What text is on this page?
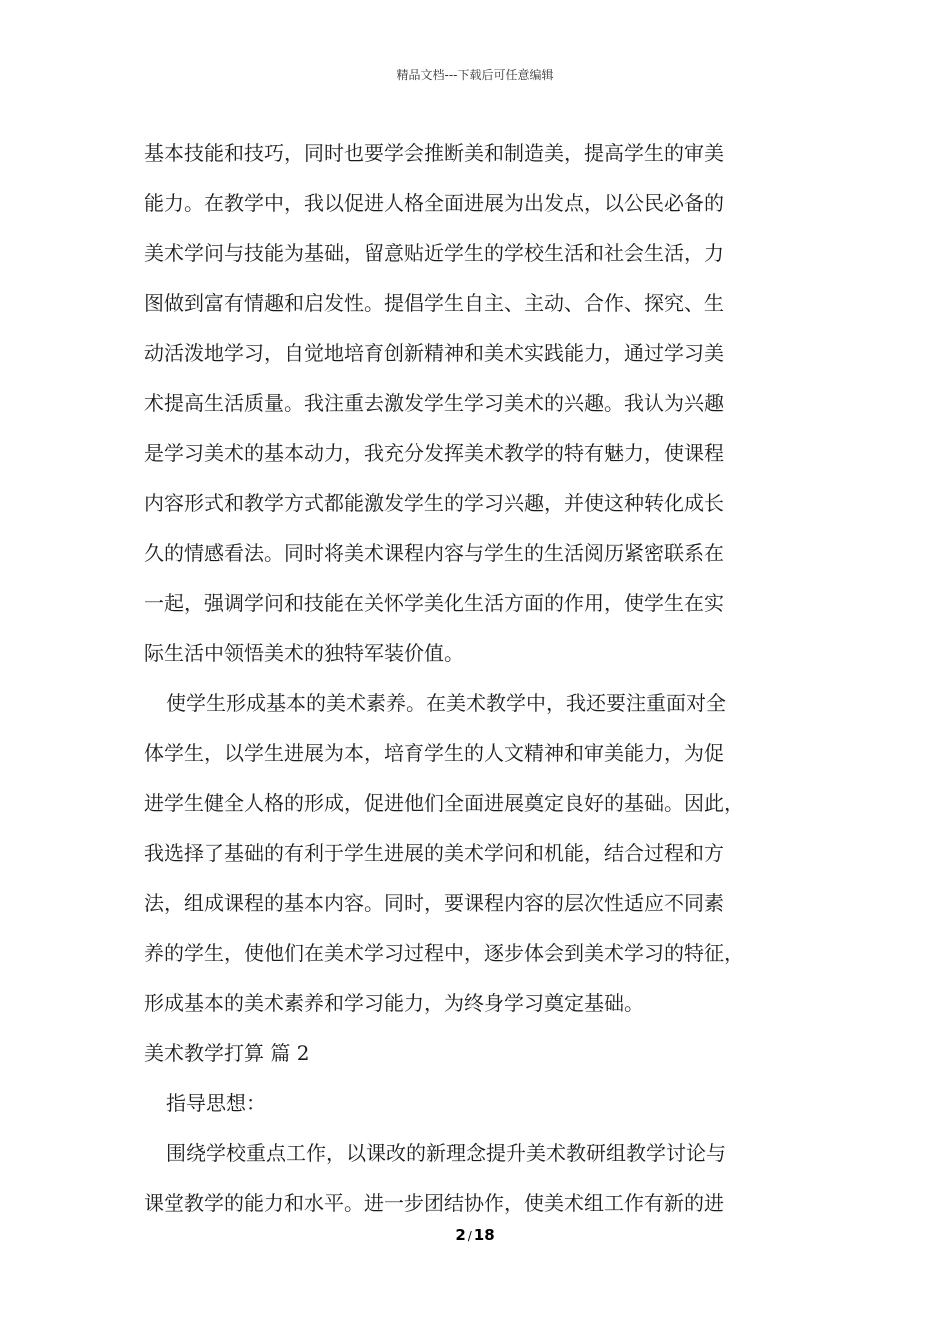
精品文档---下载后可任意编辑
基本技能和技巧，同时也要学会推断美和制造美，提高学生的审美
能力。在教学中，我以促进人格全面进展为出发点，以公民必备的
美术学问与技能为基础，留意贴近学生的学校生活和社会生活，力
图做到富有情趣和启发性。提倡学生自主、主动、合作、探究、生
动活泼地学习，自觉地培育创新精神和美术实践能力，通过学习美
术提高生活质量。我注重去激发学生学习美术的兴趣。我认为兴趣
是学习美术的基本动力，我充分发挥美术教学的特有魅力，使课程
内容形式和教学方式都能激发学生的学习兴趣，并使这种转化成长
久的情感看法。同时将美术课程内容与学生的生活阅历紧密联系在
一起，强调学问和技能在关怀学美化生活方面的作用，使学生在实
际生活中领悟美术的独特军装价值。
使学生形成基本的美术素养。在美术教学中，我还要注重面对全
体学生，以学生进展为本，培育学生的人文精神和审美能力，为促
进学生健全人格的形成，促进他们全面进展奠定良好的基础。因此，
我选择了基础的有利于学生进展的美术学问和机能，结合过程和方
法，组成课程的基本内容。同时，要课程内容的层次性适应不同素
养的学生，使他们在美术学习过程中，逐步体会到美术学习的特征，
形成基本的美术素养和学习能力，为终身学习奠定基础。
美术教学打算 篇 2
指导思想：
围绕学校重点工作，以课改的新理念提升美术教研组教学讨论与
课堂教学的能力和水平。进一步团结协作，使美术组工作有新的进
2 / 18
